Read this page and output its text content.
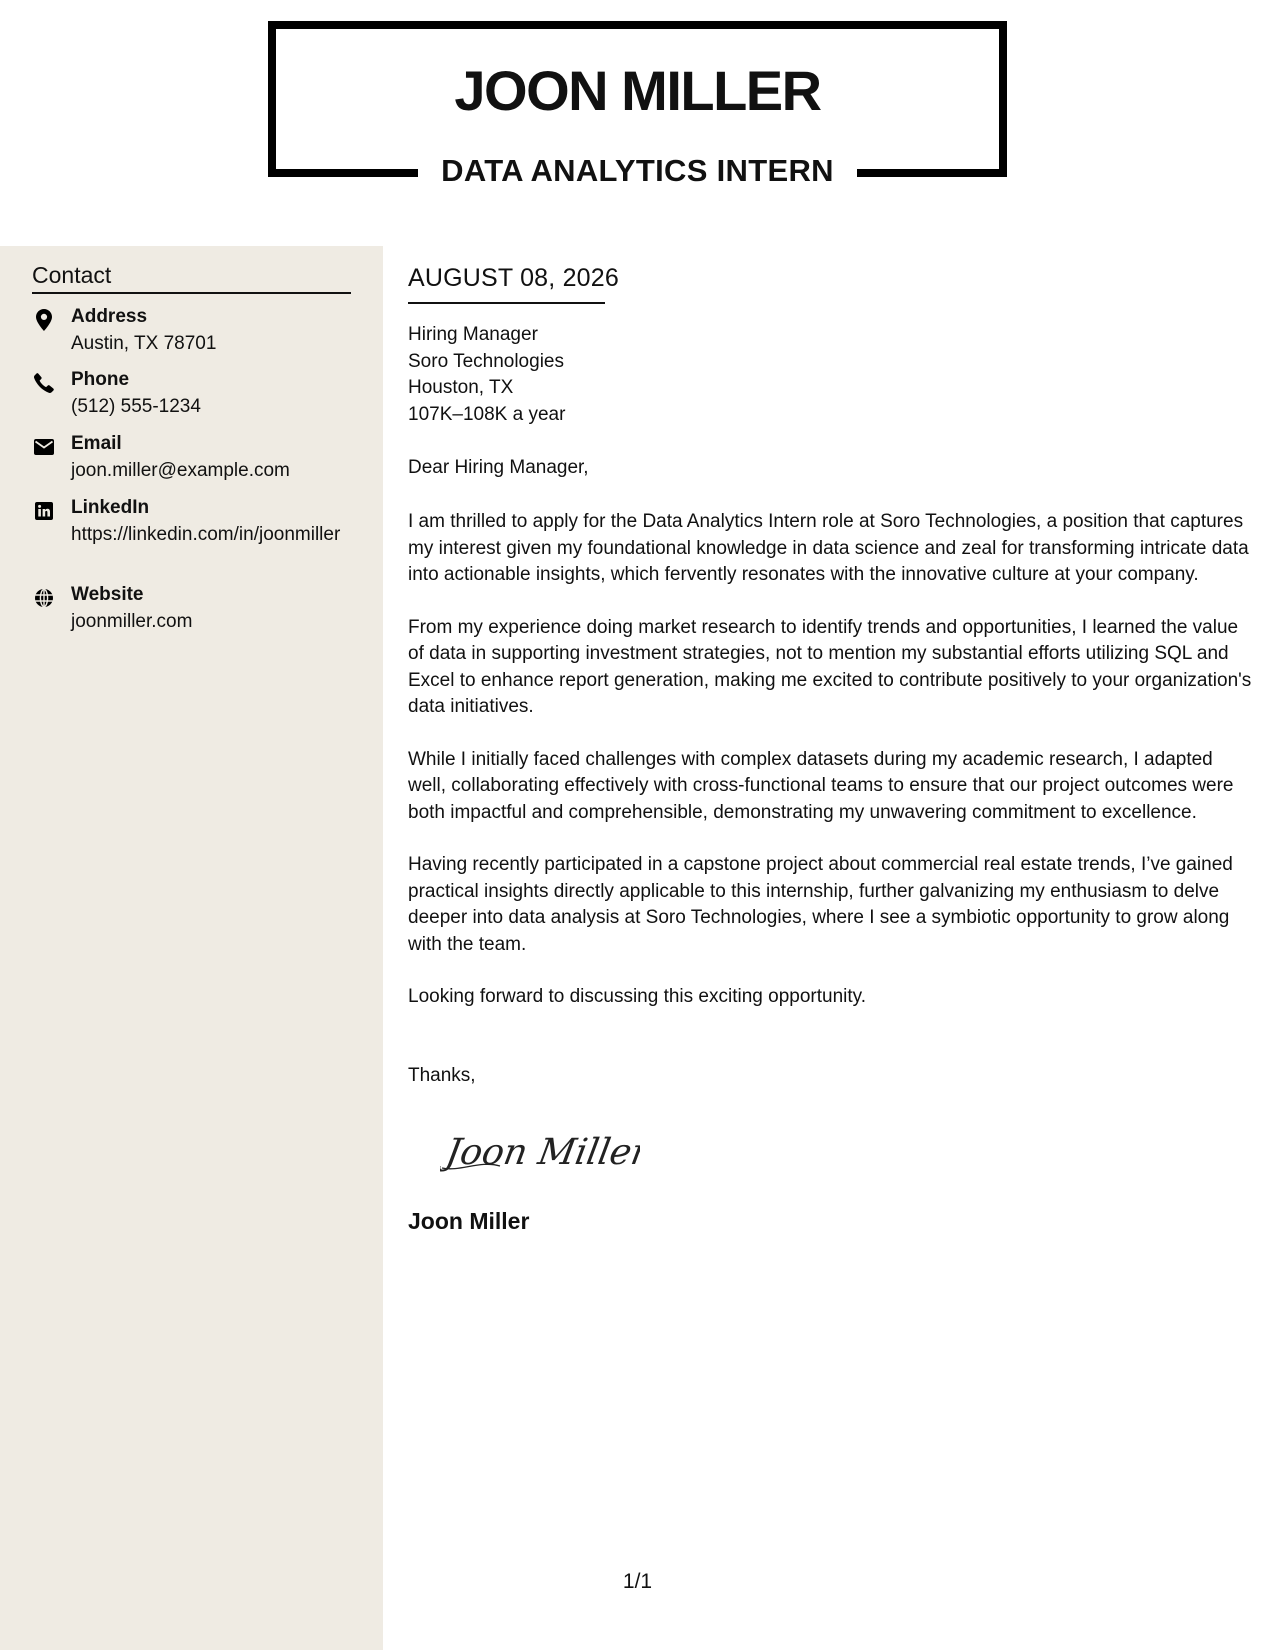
JOON MILLER
DATA ANALYTICS INTERN
Contact
Address
Austin, TX 78701
Phone
(512) 555-1234
Email
joon.miller@example.com
LinkedIn
https://linkedin.com/in/joonmiller
Website
joonmiller.com
AUGUST 08, 2026
Hiring Manager
Soro Technologies
Houston, TX
107K–108K a year
Dear Hiring Manager,

I am thrilled to apply for the Data Analytics Intern role at Soro Technologies, a position that captures my interest given my foundational knowledge in data science and zeal for transforming intricate data into actionable insights, which fervently resonates with the innovative culture at your company.

From my experience doing market research to identify trends and opportunities, I learned the value of data in supporting investment strategies, not to mention my substantial efforts utilizing SQL and Excel to enhance report generation, making me excited to contribute positively to your organization's data initiatives.

While I initially faced challenges with complex datasets during my academic research, I adapted well, collaborating effectively with cross-functional teams to ensure that our project outcomes were both impactful and comprehensible, demonstrating my unwavering commitment to excellence.

Having recently participated in a capstone project about commercial real estate trends, I’ve gained practical insights directly applicable to this internship, further galvanizing my enthusiasm to delve deeper into data analysis at Soro Technologies, where I see a symbiotic opportunity to grow along with the team.

Looking forward to discussing this exciting opportunity.

Thanks,
Joon Miller
Joon Miller
1/1
